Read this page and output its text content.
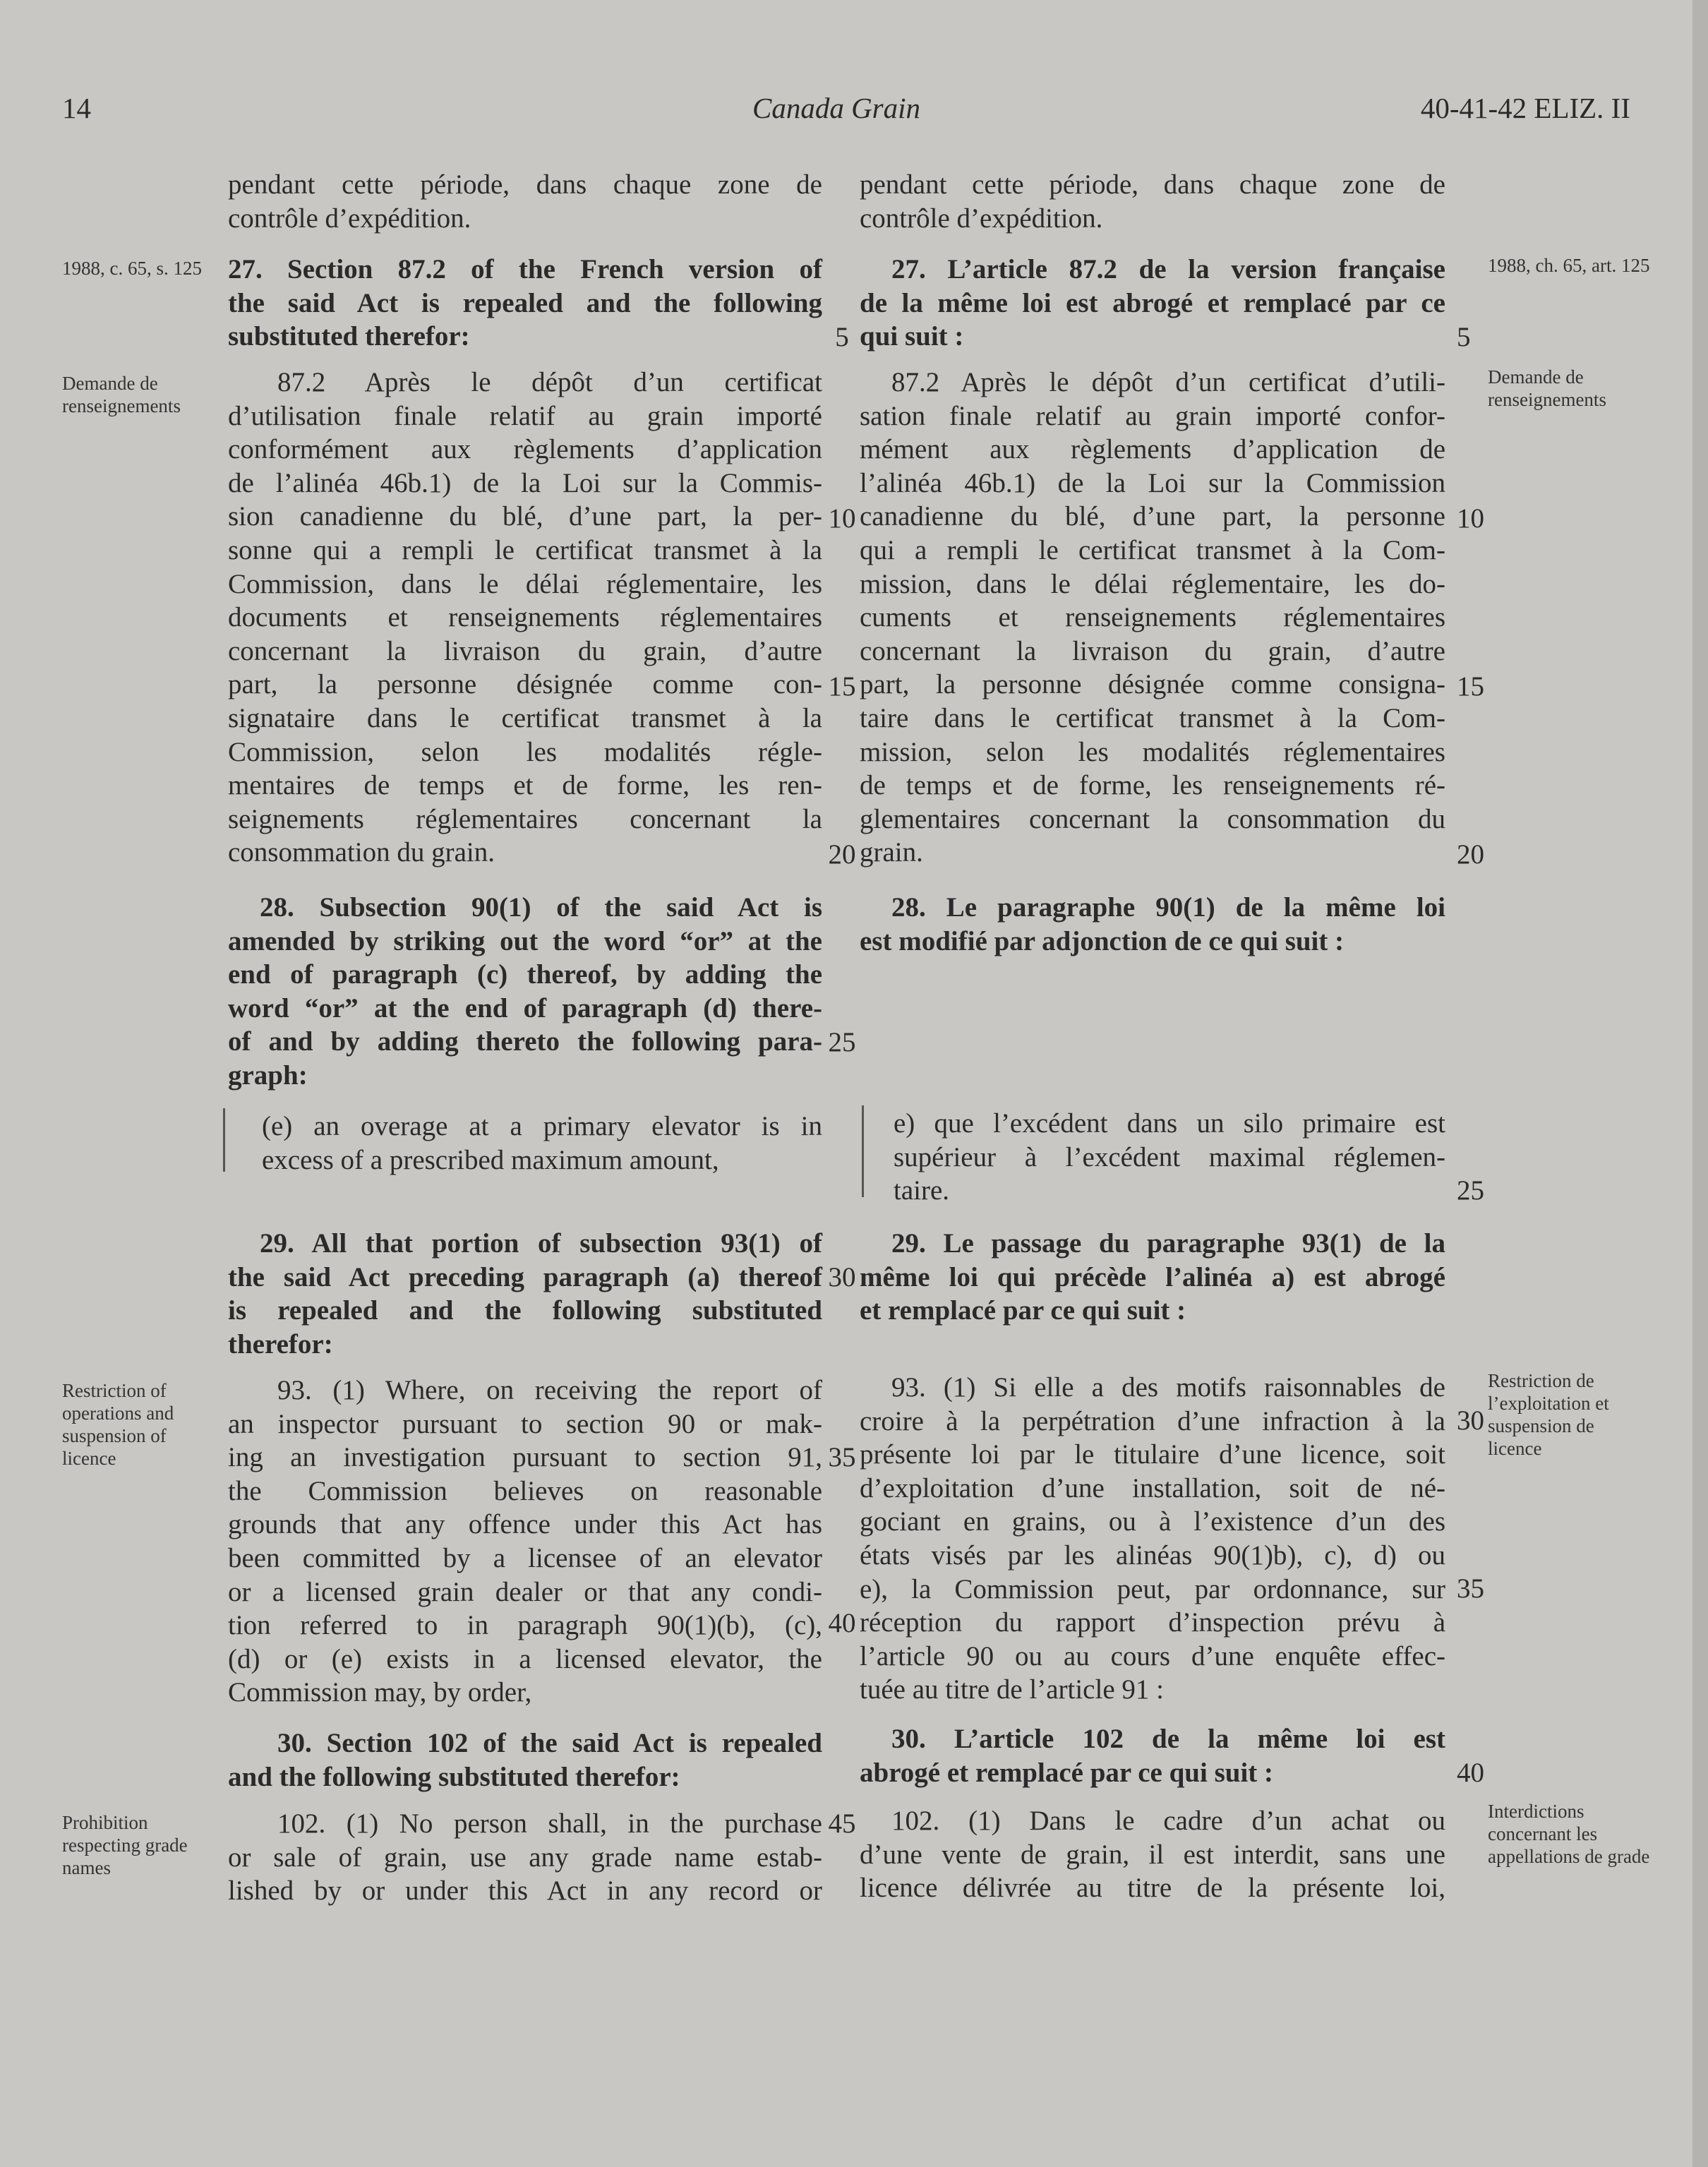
14	Canada Grain	40-41-42 ELIZ. II
pendant cette période, dans chaque zone de
contrôle d’expédition.
27. Section 87.2 of the French version of
the said Act is repealed and the following
substituted therefor:
87.2 Après le dépôt d’un certificat
d’utilisation finale relatif au grain importé
conformément aux règlements d’application
de l’alinéa 46b.1) de la Loi sur la Commis-
sion canadienne du blé, d’une part, la per-
sonne qui a rempli le certificat transmet à la
Commission, dans le délai réglementaire, les
documents et renseignements réglementaires
concernant la livraison du grain, d’autre
part, la personne désignée comme con-
signataire dans le certificat transmet à la
Commission, selon les modalités régle-
mentaires de temps et de forme, les ren-
seignements réglementaires concernant la
consommation du grain.
28. Subsection 90(1) of the said Act is
amended by striking out the word “or” at the
end of paragraph (c) thereof, by adding the
word “or” at the end of paragraph (d) there-
of and by adding thereto the following para-
graph:
(e) an overage at a primary elevator is in
excess of a prescribed maximum amount,
29. All that portion of subsection 93(1) of
the said Act preceding paragraph (a) thereof
is repealed and the following substituted
therefor:
93. (1) Where, on receiving the report of
an inspector pursuant to section 90 or mak-
ing an investigation pursuant to section 91,
the Commission believes on reasonable
grounds that any offence under this Act has
been committed by a licensee of an elevator
or a licensed grain dealer or that any condi-
tion referred to in paragraph 90(1)(b), (c),
(d) or (e) exists in a licensed elevator, the
Commission may, by order,
30. Section 102 of the said Act is repealed
and the following substituted therefor:
102. (1) No person shall, in the purchase
or sale of grain, use any grade name estab-
lished by or under this Act in any record or
pendant cette période, dans chaque zone de
contrôle d’expédition.
27. L’article 87.2 de la version française
de la même loi est abrogé et remplacé par ce
qui suit :
87.2 Après le dépôt d’un certificat d’utili-
sation finale relatif au grain importé confor-
mément aux règlements d’application de
l’alinéa 46b.1) de la Loi sur la Commission
canadienne du blé, d’une part, la personne
qui a rempli le certificat transmet à la Com-
mission, dans le délai réglementaire, les do-
cuments et renseignements réglementaires
concernant la livraison du grain, d’autre
part, la personne désignée comme consigna-
taire dans le certificat transmet à la Com-
mission, selon les modalités réglementaires
de temps et de forme, les renseignements ré-
glementaires concernant la consommation du
grain.
28. Le paragraphe 90(1) de la même loi
est modifié par adjonction de ce qui suit :
e) que l’excédent dans un silo primaire est
supérieur à l’excédent maximal réglemen-
taire.
29. Le passage du paragraphe 93(1) de la
même loi qui précède l’alinéa a) est abrogé
et remplacé par ce qui suit :
93. (1) Si elle a des motifs raisonnables de
croire à la perpétration d’une infraction à la
présente loi par le titulaire d’une licence, soit
d’exploitation d’une installation, soit de né-
gociant en grains, ou à l’existence d’un des
états visés par les alinéas 90(1)b), c), d) ou
e), la Commission peut, par ordonnance, sur
réception du rapport d’inspection prévu à
l’article 90 ou au cours d’une enquête effec-
tuée au titre de l’article 91 :
30. L’article 102 de la même loi est
abrogé et remplacé par ce qui suit :
102. (1) Dans le cadre d’un achat ou
d’une vente de grain, il est interdit, sans une
licence délivrée au titre de la présente loi,
1988, c. 65, s. 125
Demande de renseignements
Restriction of operations and suspension of licence
Prohibition respecting grade names
1988, ch. 65, art. 125
Demande de renseignements
Restriction de l’exploitation et suspension de licence
Interdictions concernant les appellations de grade
5
10
15
20
25
30
35
40
45
5
10
15
20
25
30
35
40
